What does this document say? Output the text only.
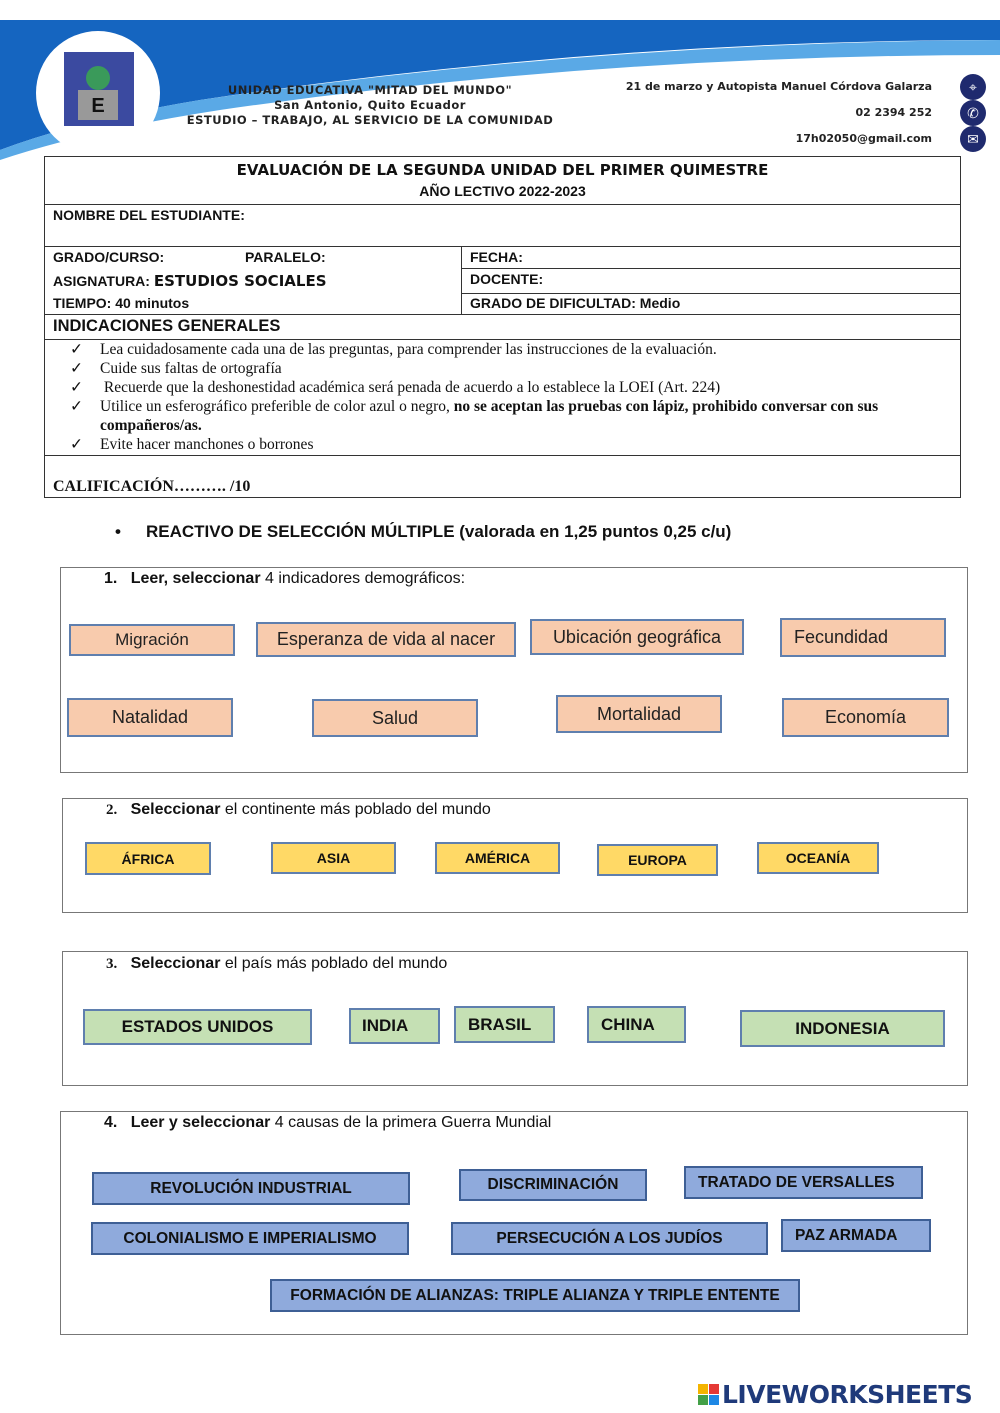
E
UNIDAD EDUCATIVA "MITAD DEL MUNDO"
San Antonio, Quito Ecuador
ESTUDIO – TRABAJO, AL SERVICIO DE LA COMUNIDAD
21 de marzo y Autopista Manuel Córdova Galarza
02 2394 252
17h02050@gmail.com
⌖
✆
✉
EVALUACIÓN DE LA SEGUNDA UNIDAD DEL PRIMER QUIMESTRE
AÑO LECTIVO 2022-2023
NOMBRE DEL ESTUDIANTE:
GRADO/CURSO:	PARALELO:	FECHA:
ASIGNATURA: ESTUDIOS SOCIALES	DOCENTE:
TIEMPO: 40 minutos	GRADO DE DIFICULTAD: Medio
INDICACIONES GENERALES
CALIFICACIÓN………. /10
✓ Lea cuidadosamente cada una de las preguntas, para comprender las instrucciones de la evaluación.
✓ Cuide sus faltas de ortografía
✓ Recuerde que la deshonestidad académica será penada de acuerdo a lo establece la LOEI (Art. 224)
✓ Utilice un esferográfico preferible de color azul o negro, no se aceptan las pruebas con lápiz, prohibido conversar con sus compañeros/as.
✓ Evite hacer manchones o borrones
• REACTIVO DE SELECCIÓN MÚLTIPLE (valorada en 1,25 puntos 0,25 c/u)
1. Leer, seleccionar 4 indicadores demográficos:
Migración	Esperanza de vida al nacer	Ubicación geográfica	Fecundidad
Natalidad	Salud	Mortalidad	Economía
2. Seleccionar el continente más poblado del mundo
ÁFRICA	ASIA	AMÉRICA	EUROPA	OCEANÍA
3. Seleccionar el país más poblado del mundo
ESTADOS UNIDOS	INDIA	BRASIL	CHINA	INDONESIA
4. Leer y seleccionar 4 causas de la primera Guerra Mundial
REVOLUCIÓN INDUSTRIAL	DISCRIMINACIÓN	TRATADO DE VERSALLES
COLONIALISMO E IMPERIALISMO	PERSECUCIÓN A LOS JUDÍOS	PAZ ARMADA
FORMACIÓN DE ALIANZAS: TRIPLE ALIANZA Y TRIPLE ENTENTE
LIVEWORKSHEETS
